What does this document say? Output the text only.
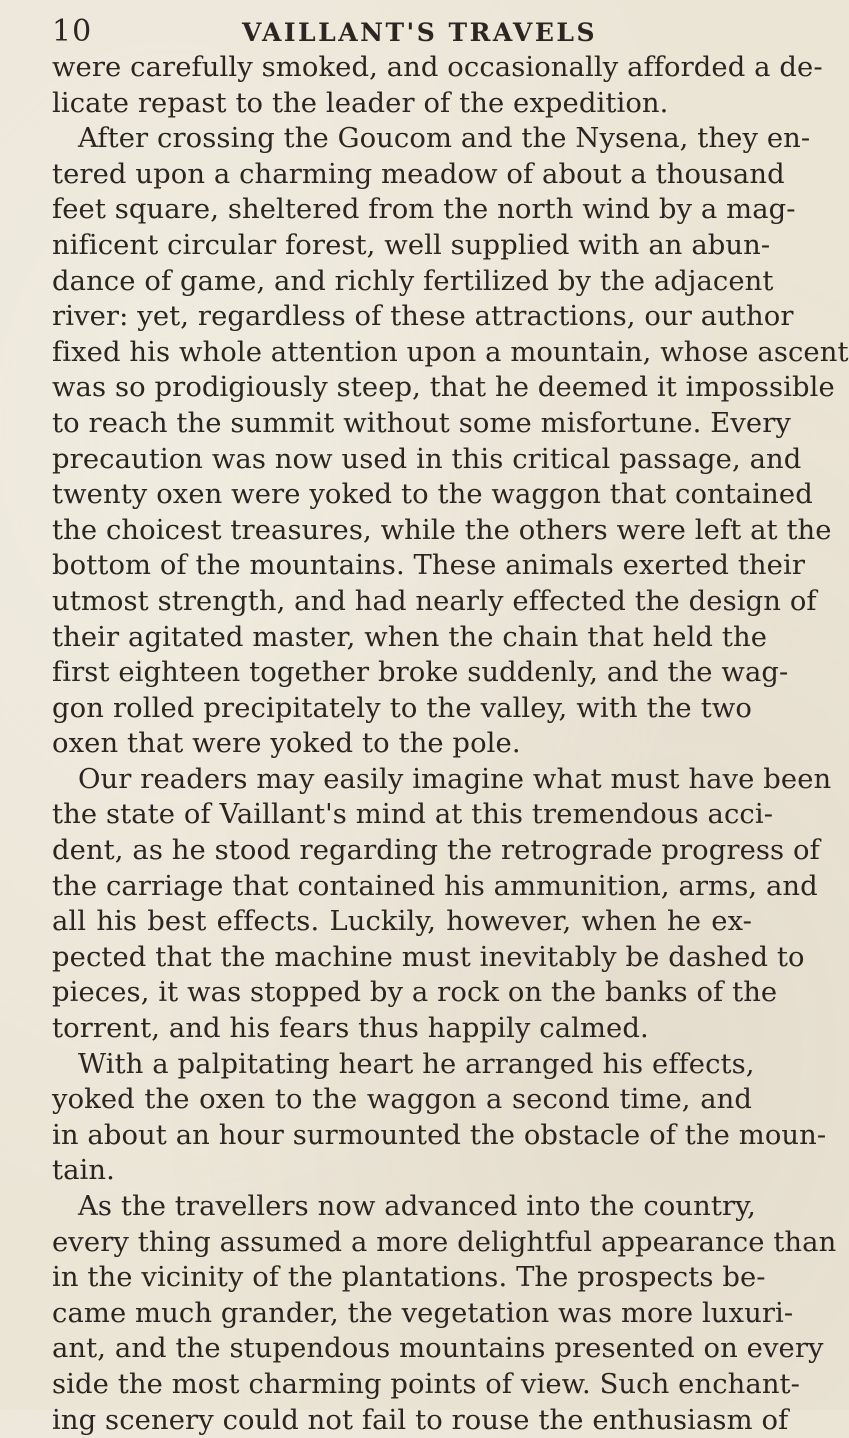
10	VAILLANT'S TRAVELS
were carefully smoked, and occasionally afforded a de-
licate repast to the leader of the expedition.
After crossing the Goucom and the Nysena, they en-
tered upon a charming meadow of about a thousand
feet square, sheltered from the north wind by a mag-
nificent circular forest, well supplied with an abun-
dance of game, and richly fertilized by the adjacent
river: yet, regardless of these attractions, our author
fixed his whole attention upon a mountain, whose ascent
was so prodigiously steep, that he deemed it impossible
to reach the summit without some misfortune. Every
precaution was now used in this critical passage, and
twenty oxen were yoked to the waggon that contained
the choicest treasures, while the others were left at the
bottom of the mountains. These animals exerted their
utmost strength, and had nearly effected the design of
their agitated master, when the chain that held the
first eighteen together broke suddenly, and the wag-
gon rolled precipitately to the valley, with the two
oxen that were yoked to the pole.
Our readers may easily imagine what must have been
the state of Vaillant's mind at this tremendous acci-
dent, as he stood regarding the retrograde progress of
the carriage that contained his ammunition, arms, and
all his best effects. Luckily, however, when he ex-
pected that the machine must inevitably be dashed to
pieces, it was stopped by a rock on the banks of the
torrent, and his fears thus happily calmed.
With a palpitating heart he arranged his effects,
yoked the oxen to the waggon a second time, and
in about an hour surmounted the obstacle of the moun-
tain.
As the travellers now advanced into the country,
every thing assumed a more delightful appearance than
in the vicinity of the plantations. The prospects be-
came much grander, the vegetation was more luxuri-
ant, and the stupendous mountains presented on every
side the most charming points of view. Such enchant-
ing scenery could not fail to rouse the enthusiasm of
